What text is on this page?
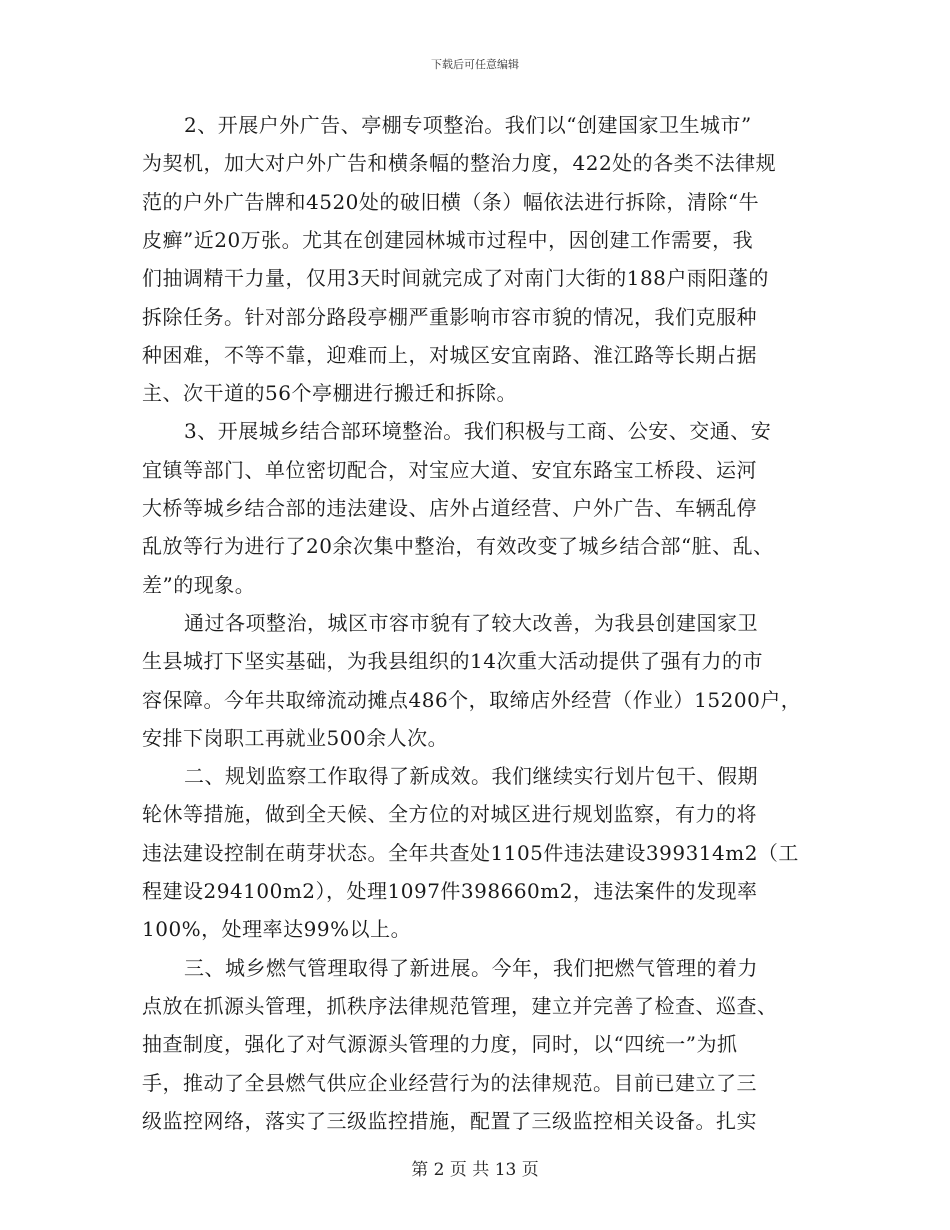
下载后可任意编辑
2、开展户外广告、亭棚专项整治。我们以“创建国家卫生城市”
为契机，加大对户外广告和横条幅的整治力度，422处的各类不法律规
范的户外广告牌和4520处的破旧横（条）幅依法进行拆除，清除“牛
皮癣”近20万张。尤其在创建园林城市过程中，因创建工作需要，我
们抽调精干力量，仅用3天时间就完成了对南门大街的188户雨阳蓬的
拆除任务。针对部分路段亭棚严重影响市容市貌的情况，我们克服种
种困难，不等不靠，迎难而上，对城区安宜南路、淮江路等长期占据
主、次干道的56个亭棚进行搬迁和拆除。
3、开展城乡结合部环境整治。我们积极与工商、公安、交通、安
宜镇等部门、单位密切配合，对宝应大道、安宜东路宝工桥段、运河
大桥等城乡结合部的违法建设、店外占道经营、户外广告、车辆乱停
乱放等行为进行了20余次集中整治，有效改变了城乡结合部“脏、乱、
差”的现象。
通过各项整治，城区市容市貌有了较大改善，为我县创建国家卫
生县城打下坚实基础，为我县组织的14次重大活动提供了强有力的市
容保障。今年共取缔流动摊点486个，取缔店外经营（作业）15200户，
安排下岗职工再就业500余人次。
二、规划监察工作取得了新成效。我们继续实行划片包干、假期
轮休等措施，做到全天候、全方位的对城区进行规划监察，有力的将
违法建设控制在萌芽状态。全年共查处1105件违法建设399314m2（工
程建设294100m2），处理1097件398660m2，违法案件的发现率
100%，处理率达99%以上。
三、城乡燃气管理取得了新进展。今年，我们把燃气管理的着力
点放在抓源头管理，抓秩序法律规范管理，建立并完善了检查、巡查、
抽查制度，强化了对气源源头管理的力度，同时，以“四统一”为抓
手，推动了全县燃气供应企业经营行为的法律规范。目前已建立了三
级监控网络，落实了三级监控措施，配置了三级监控相关设备。扎实
第 2 页 共 13 页
